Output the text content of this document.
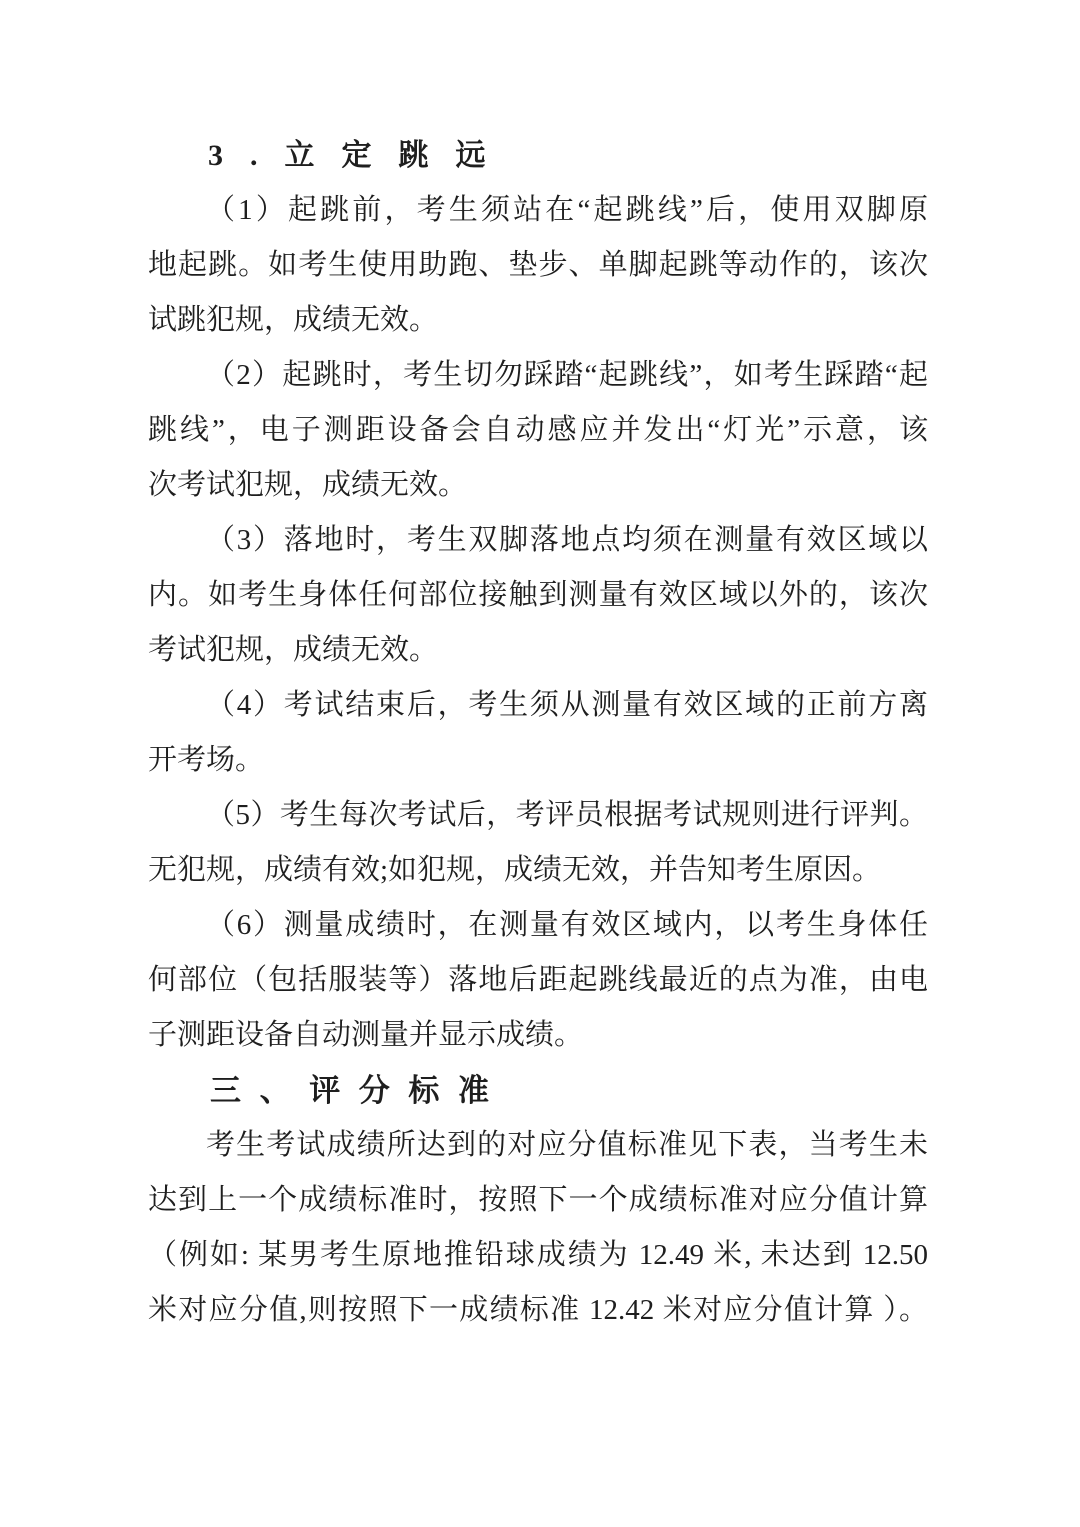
3.立定跳远
（1）起跳前，考生须站在“起跳线”后，使用双脚原
地起跳。如考生使用助跑、垫步、单脚起跳等动作的，该次
试跳犯规，成绩无效。
（2）起跳时，考生切勿踩踏“起跳线”，如考生踩踏“起
跳线”，电子测距设备会自动感应并发出“灯光”示意，该
次考试犯规，成绩无效。
（3）落地时，考生双脚落地点均须在测量有效区域以
内。如考生身体任何部位接触到测量有效区域以外的，该次
考试犯规，成绩无效。
（4）考试结束后，考生须从测量有效区域的正前方离
开考场。
（5）考生每次考试后，考评员根据考试规则进行评判。
无犯规，成绩有效;如犯规，成绩无效，并告知考生原因。
（6）测量成绩时，在测量有效区域内，以考生身体任
何部位（包括服装等）落地后距起跳线最近的点为准，由电
子测距设备自动测量并显示成绩。
三、评分标准
考生考试成绩所达到的对应分值标准见下表，当考生未
达到上一个成绩标准时，按照下一个成绩标准对应分值计算
（例如: 某男考生原地推铅球成绩为 12.49 米, 未达到 12.50
米对应分值,则按照下一成绩标准 12.42 米对应分值计算 ）。
